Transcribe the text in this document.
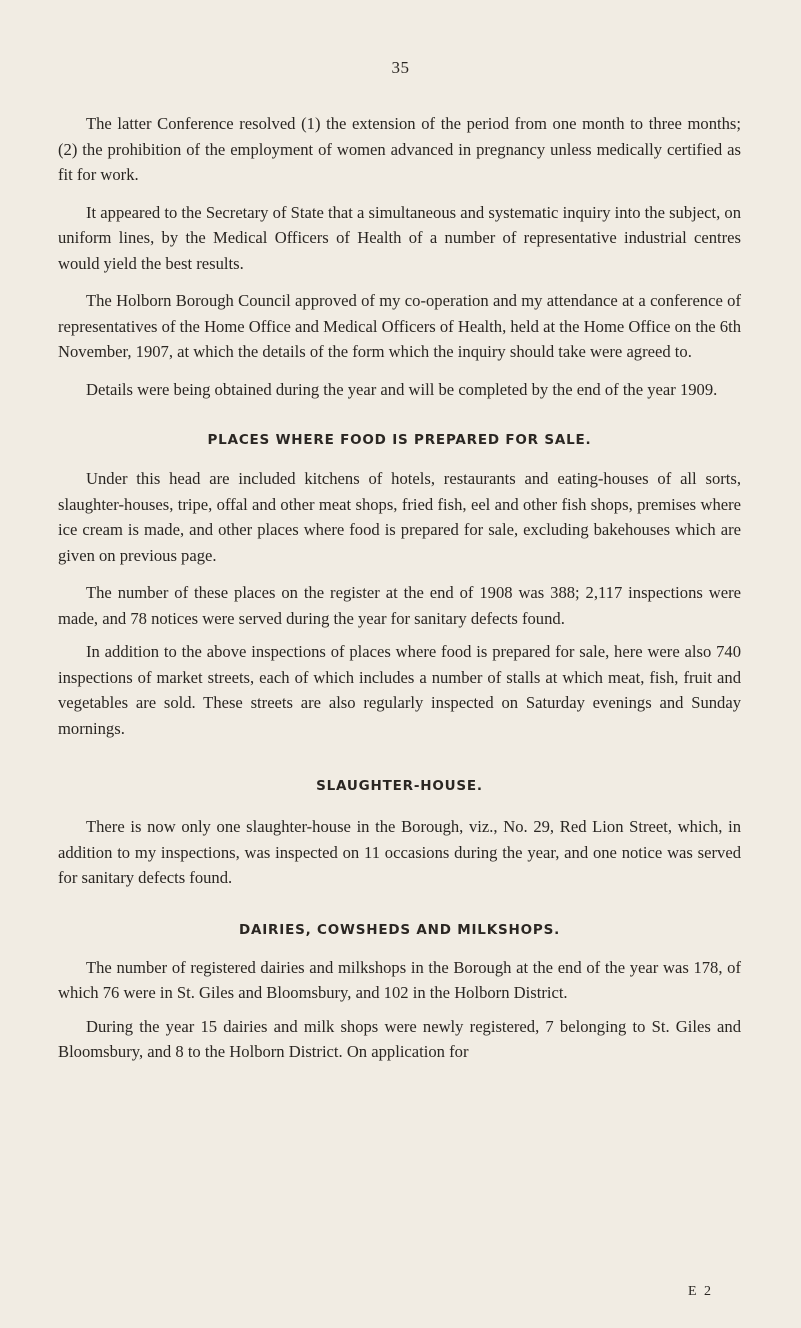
35

The latter Conference resolved (1) the extension of the period from one month to three months; (2) the prohibition of the employment of women advanced in pregnancy unless medically certified as fit for work.

It appeared to the Secretary of State that a simultaneous and systematic inquiry into the subject, on uniform lines, by the Medical Officers of Health of a number of representative industrial centres would yield the best results.

The Holborn Borough Council approved of my co-operation and my attendance at a conference of representatives of the Home Office and Medical Officers of Health, held at the Home Office on the 6th November, 1907, at which the details of the form which the inquiry should take were agreed to.

Details were being obtained during the year and will be completed by the end of the year 1909.

PLACES WHERE FOOD IS PREPARED FOR SALE.

Under this head are included kitchens of hotels, restaurants and eating-houses of all sorts, slaughter-houses, tripe, offal and other meat shops, fried fish, eel and other fish shops, premises where ice cream is made, and other places where food is prepared for sale, excluding bakehouses which are given on previous page.

The number of these places on the register at the end of 1908 was 388; 2,117 inspections were made, and 78 notices were served during the year for sanitary defects found.

In addition to the above inspections of places where food is prepared for sale, here were also 740 inspections of market streets, each of which includes a number of stalls at which meat, fish, fruit and vegetables are sold. These streets are also regularly inspected on Saturday evenings and Sunday mornings.

SLAUGHTER-HOUSE.

There is now only one slaughter-house in the Borough, viz., No. 29, Red Lion Street, which, in addition to my inspections, was inspected on 11 occasions during the year, and one notice was served for sanitary defects found.

DAIRIES, COWSHEDS AND MILKSHOPS.

The number of registered dairies and milkshops in the Borough at the end of the year was 178, of which 76 were in St. Giles and Bloomsbury, and 102 in the Holborn District.

During the year 15 dairies and milk shops were newly registered, 7 belonging to St. Giles and Bloomsbury, and 8 to the Holborn District. On application for

E 2
